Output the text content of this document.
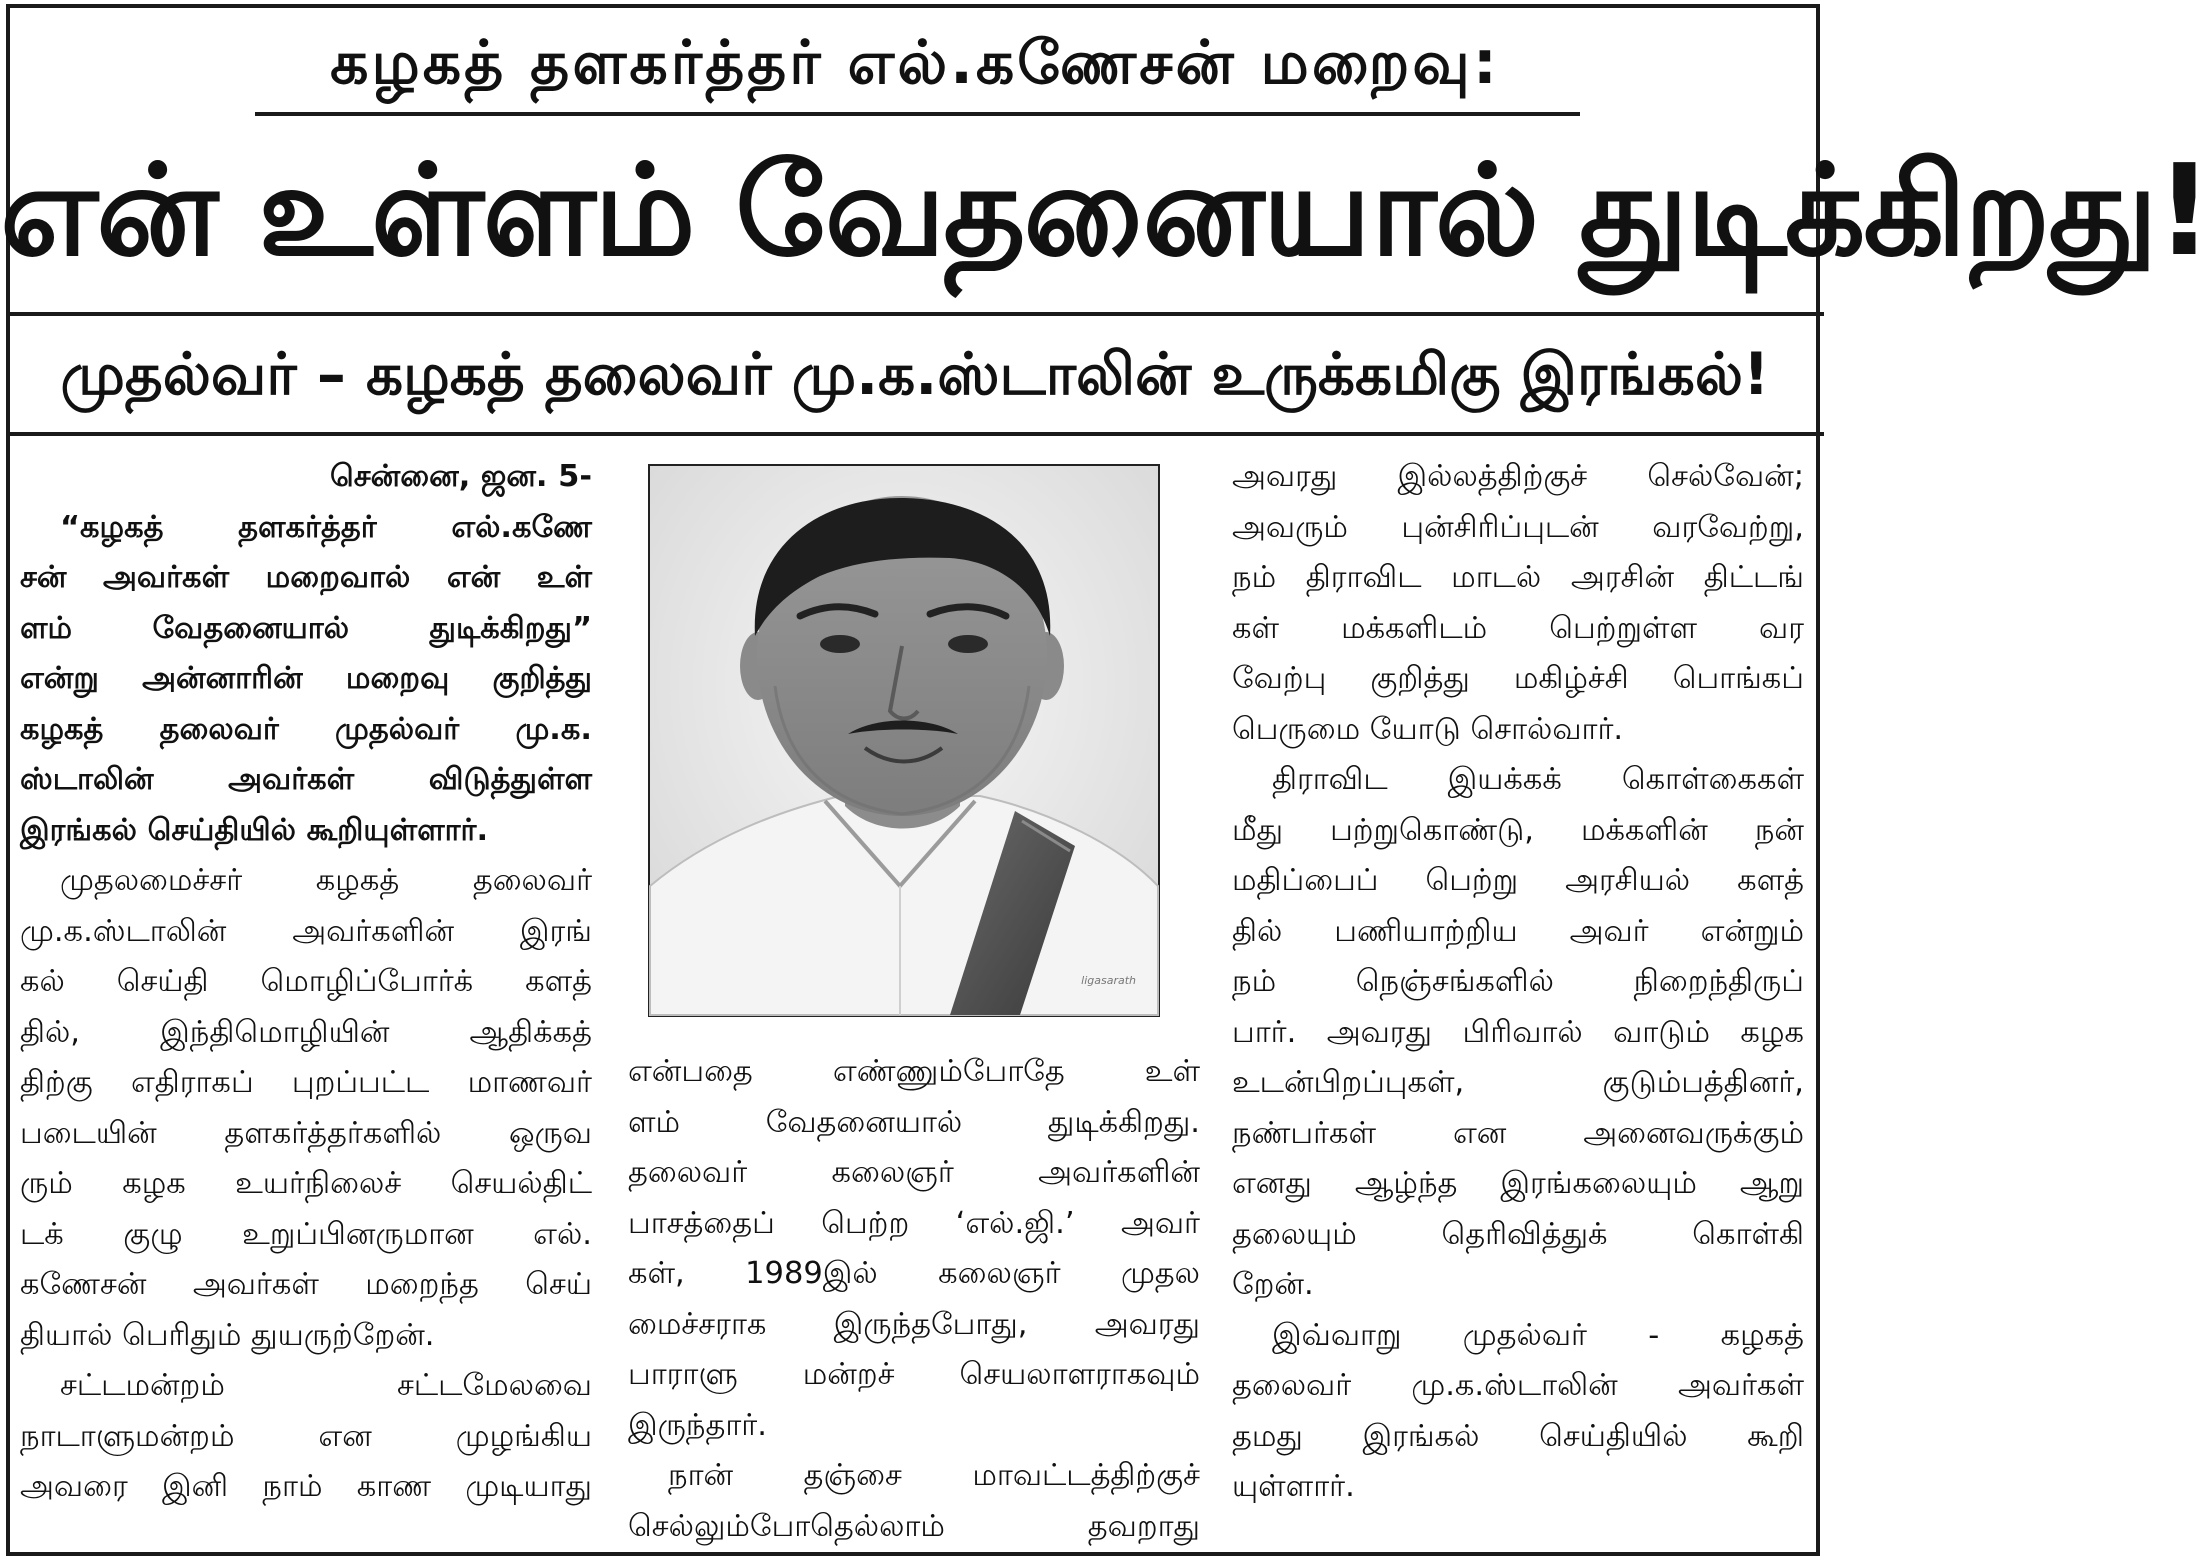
கழகத் தளகர்த்தர் எல்.கணேசன் மறைவு:
என் உள்ளம் வேதனையால் துடிக்கிறது!
முதல்வர் – கழகத் தலைவர் மு.க.ஸ்டாலின் உருக்கமிகு இரங்கல்!

சென்னை, ஜன. 5-

“கழகத் தளகர்த்தர் எல்.கணே
சன் அவர்கள் மறைவால் என் உள்
ளம் வேதனையால் துடிக்கிறது”
என்று அன்னாரின் மறைவு குறித்து
கழகத் தலைவர் முதல்வர் மு.க.
ஸ்டாலின் அவர்கள் விடுத்துள்ள
இரங்கல் செய்தியில் கூறியுள்ளார்.

முதலமைச்சர் கழகத் தலைவர்
மு.க.ஸ்டாலின் அவர்களின் இரங்
கல் செய்தி மொழிப்போர்க் களத்
தில், இந்திமொழியின் ஆதிக்கத்
திற்கு எதிராகப் புறப்பட்ட மாணவர்
படையின் தளகர்த்தர்களில் ஒருவ
ரும் கழக உயர்நிலைச் செயல்திட்
டக் குழு உறுப்பினருமான எல்.
கணேசன் அவர்கள் மறைந்த செய்
தியால் பெரிதும் துயருற்றேன்.

சட்டமன்றம் சட்டமேலவை
நாடாளுமன்றம் என முழங்கிய
அவரை இனி நாம் காண முடியாது

ligasarath

என்பதை எண்ணும்போதே உள்
ளம் வேதனையால் துடிக்கிறது.
தலைவர் கலைஞர் அவர்களின்
பாசத்தைப் பெற்ற ‘எல்.ஜி.’ அவர்
கள், 1989இல் கலைஞர் முதல
மைச்சராக இருந்தபோது, அவரது
பாராளு மன்றச் செயலாளராகவும்
இருந்தார்.

நான் தஞ்சை மாவட்டத்திற்குச்
செல்லும்போதெல்லாம் தவறாது

அவரது இல்லத்திற்குச் செல்வேன்;
அவரும் புன்சிரிப்புடன் வரவேற்று,
நம் திராவிட மாடல் அரசின் திட்டங்
கள் மக்களிடம் பெற்றுள்ள வர
வேற்பு குறித்து மகிழ்ச்சி பொங்கப்
பெருமை யோடு சொல்வார்.

திராவிட இயக்கக் கொள்கைகள்
மீது பற்றுகொண்டு, மக்களின் நன்
மதிப்பைப் பெற்று அரசியல் களத்
தில் பணியாற்றிய அவர் என்றும்
நம் நெஞ்சங்களில் நிறைந்திருப்
பார். அவரது பிரிவால் வாடும் கழக
உடன்பிறப்புகள், குடும்பத்தினர்,
நண்பர்கள் என அனைவருக்கும்
எனது ஆழ்ந்த இரங்கலையும் ஆறு
தலையும் தெரிவித்துக் கொள்கி
றேன்.

இவ்வாறு முதல்வர் - கழகத்
தலைவர் மு.க.ஸ்டாலின் அவர்கள்
தமது இரங்கல் செய்தியில் கூறி
யுள்ளார்.
